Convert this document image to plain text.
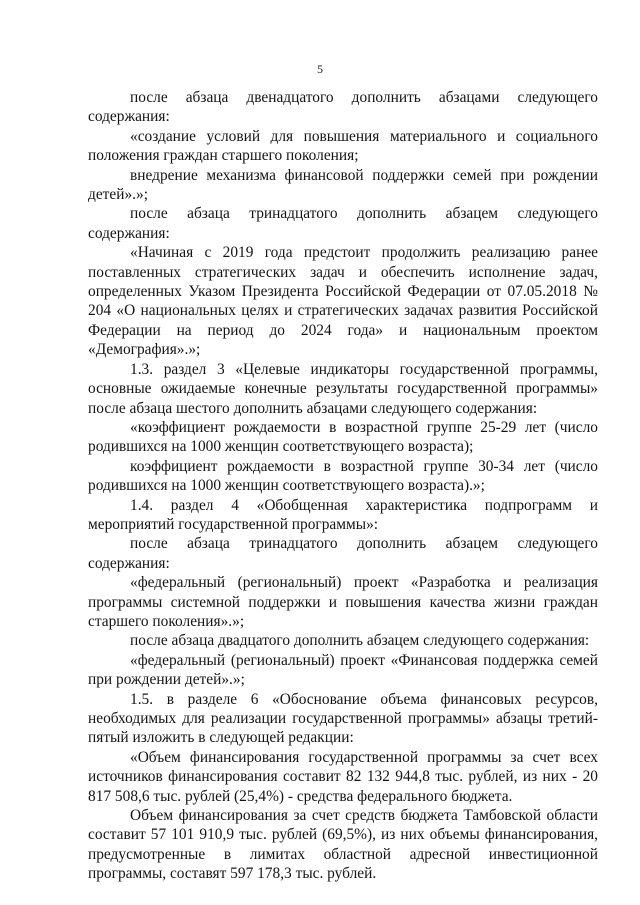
5

после абзаца двенадцатого дополнить абзацами следующего содержания:

«создание условий для повышения материального и социального положения граждан старшего поколения;

внедрение механизма финансовой поддержки семей при рождении детей».»;

после абзаца тринадцатого дополнить абзацем следующего содержания:

«Начиная с 2019 года предстоит продолжить реализацию ранее поставленных стратегических задач и обеспечить исполнение задач, определенных Указом Президента Российской Федерации от 07.05.2018 № 204 «О национальных целях и стратегических задачах развития Российской Федерации на период до 2024 года» и национальным проектом «Демография».»;

1.3. раздел 3 «Целевые индикаторы государственной программы, основные ожидаемые конечные результаты государственной программы» после абзаца шестого дополнить абзацами следующего содержания:

«коэффициент рождаемости в возрастной группе 25-29 лет (число родившихся на 1000 женщин соответствующего возраста);

коэффициент рождаемости в возрастной группе 30-34 лет (число родившихся на 1000 женщин соответствующего возраста).»;

1.4. раздел 4 «Обобщенная характеристика подпрограмм и мероприятий государственной программы»:

после абзаца тринадцатого дополнить абзацем следующего содержания:

«федеральный (региональный) проект «Разработка и реализация программы системной поддержки и повышения качества жизни граждан старшего поколения».»;

после абзаца двадцатого дополнить абзацем следующего содержания:

«федеральный (региональный) проект «Финансовая поддержка семей при рождении детей».»;

1.5. в разделе 6 «Обоснование объема финансовых ресурсов, необходимых для реализации государственной программы» абзацы третий- пятый изложить в следующей редакции:

«Объем финансирования государственной программы за счет всех источников финансирования составит 82 132 944,8 тыс. рублей, из них - 20 817 508,6 тыс. рублей (25,4%) - средства федерального бюджета.

Объем финансирования за счет средств бюджета Тамбовской области составит 57 101 910,9 тыс. рублей (69,5%), из них объемы финансирования, предусмотренные в лимитах областной адресной инвестиционной программы, составят 597 178,3 тыс. рублей.
